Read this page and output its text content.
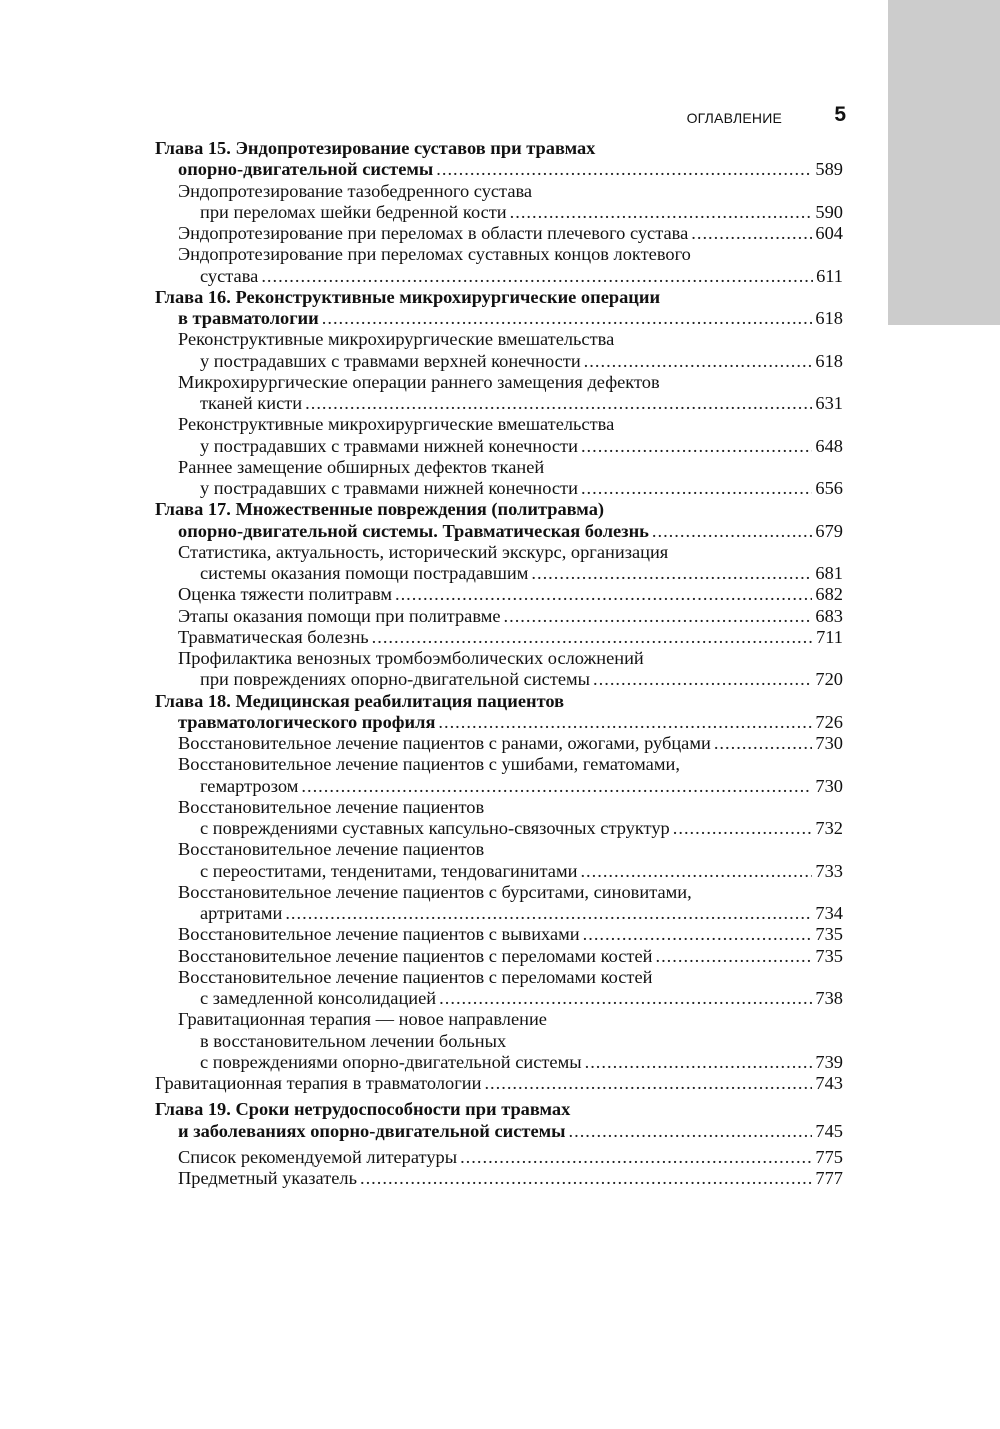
ОГЛАВЛЕНИЕ 5
Глава 15. Эндопротезирование суставов при травмах
опорно-двигательной системы .....	589
Эндопротезирование тазобедренного сустава
при переломах шейки бедренной кости .....	590
Эндопротезирование при переломах в области плечевого сустава .....	604
Эндопротезирование при переломах суставных концов локтевого
сустава .....	611
Глава 16. Реконструктивные микрохирургические операции
в травматологии .....	618
Реконструктивные микрохирургические вмешательства
у пострадавших с травмами верхней конечности .....	618
Микрохирургические операции раннего замещения дефектов
тканей кисти .....	631
Реконструктивные микрохирургические вмешательства
у пострадавших с травмами нижней конечности .....	648
Раннее замещение обширных дефектов тканей
у пострадавших с травмами нижней конечности .....	656
Глава 17. Множественные повреждения (политравма)
опорно-двигательной системы. Травматическая болезнь .....	679
Статистика, актуальность, исторический экскурс, организация
системы оказания помощи пострадавшим .....	681
Оценка тяжести политравм .....	682
Этапы оказания помощи при политравме .....	683
Травматическая болезнь .....	711
Профилактика венозных тромбоэмболических осложнений
при повреждениях опорно-двигательной системы .....	720
Глава 18. Медицинская реабилитация пациентов
травматологического профиля .....	726
Восстановительное лечение пациентов с ранами, ожогами, рубцами .....	730
Восстановительное лечение пациентов с ушибами, гематомами,
гемартрозом .....	730
Восстановительное лечение пациентов
с повреждениями суставных капсульно-связочных структур .....	732
Восстановительное лечение пациентов
с переоститами, тенденитами, тендовагинитами .....	733
Восстановительное лечение пациентов с бурситами, синовитами,
артритами .....	734
Восстановительное лечение пациентов с вывихами .....	735
Восстановительное лечение пациентов с переломами костей .....	735
Восстановительное лечение пациентов с переломами костей
с замедленной консолидацией .....	738
Гравитационная терапия — новое направление
в восстановительном лечении больных
с повреждениями опорно-двигательной системы .....	739
Гравитационная терапия в травматологии .....	743
Глава 19. Сроки нетрудоспособности при травмах
и заболеваниях опорно-двигательной системы .....	745
Список рекомендуемой литературы .....	775
Предметный указатель .....	777
